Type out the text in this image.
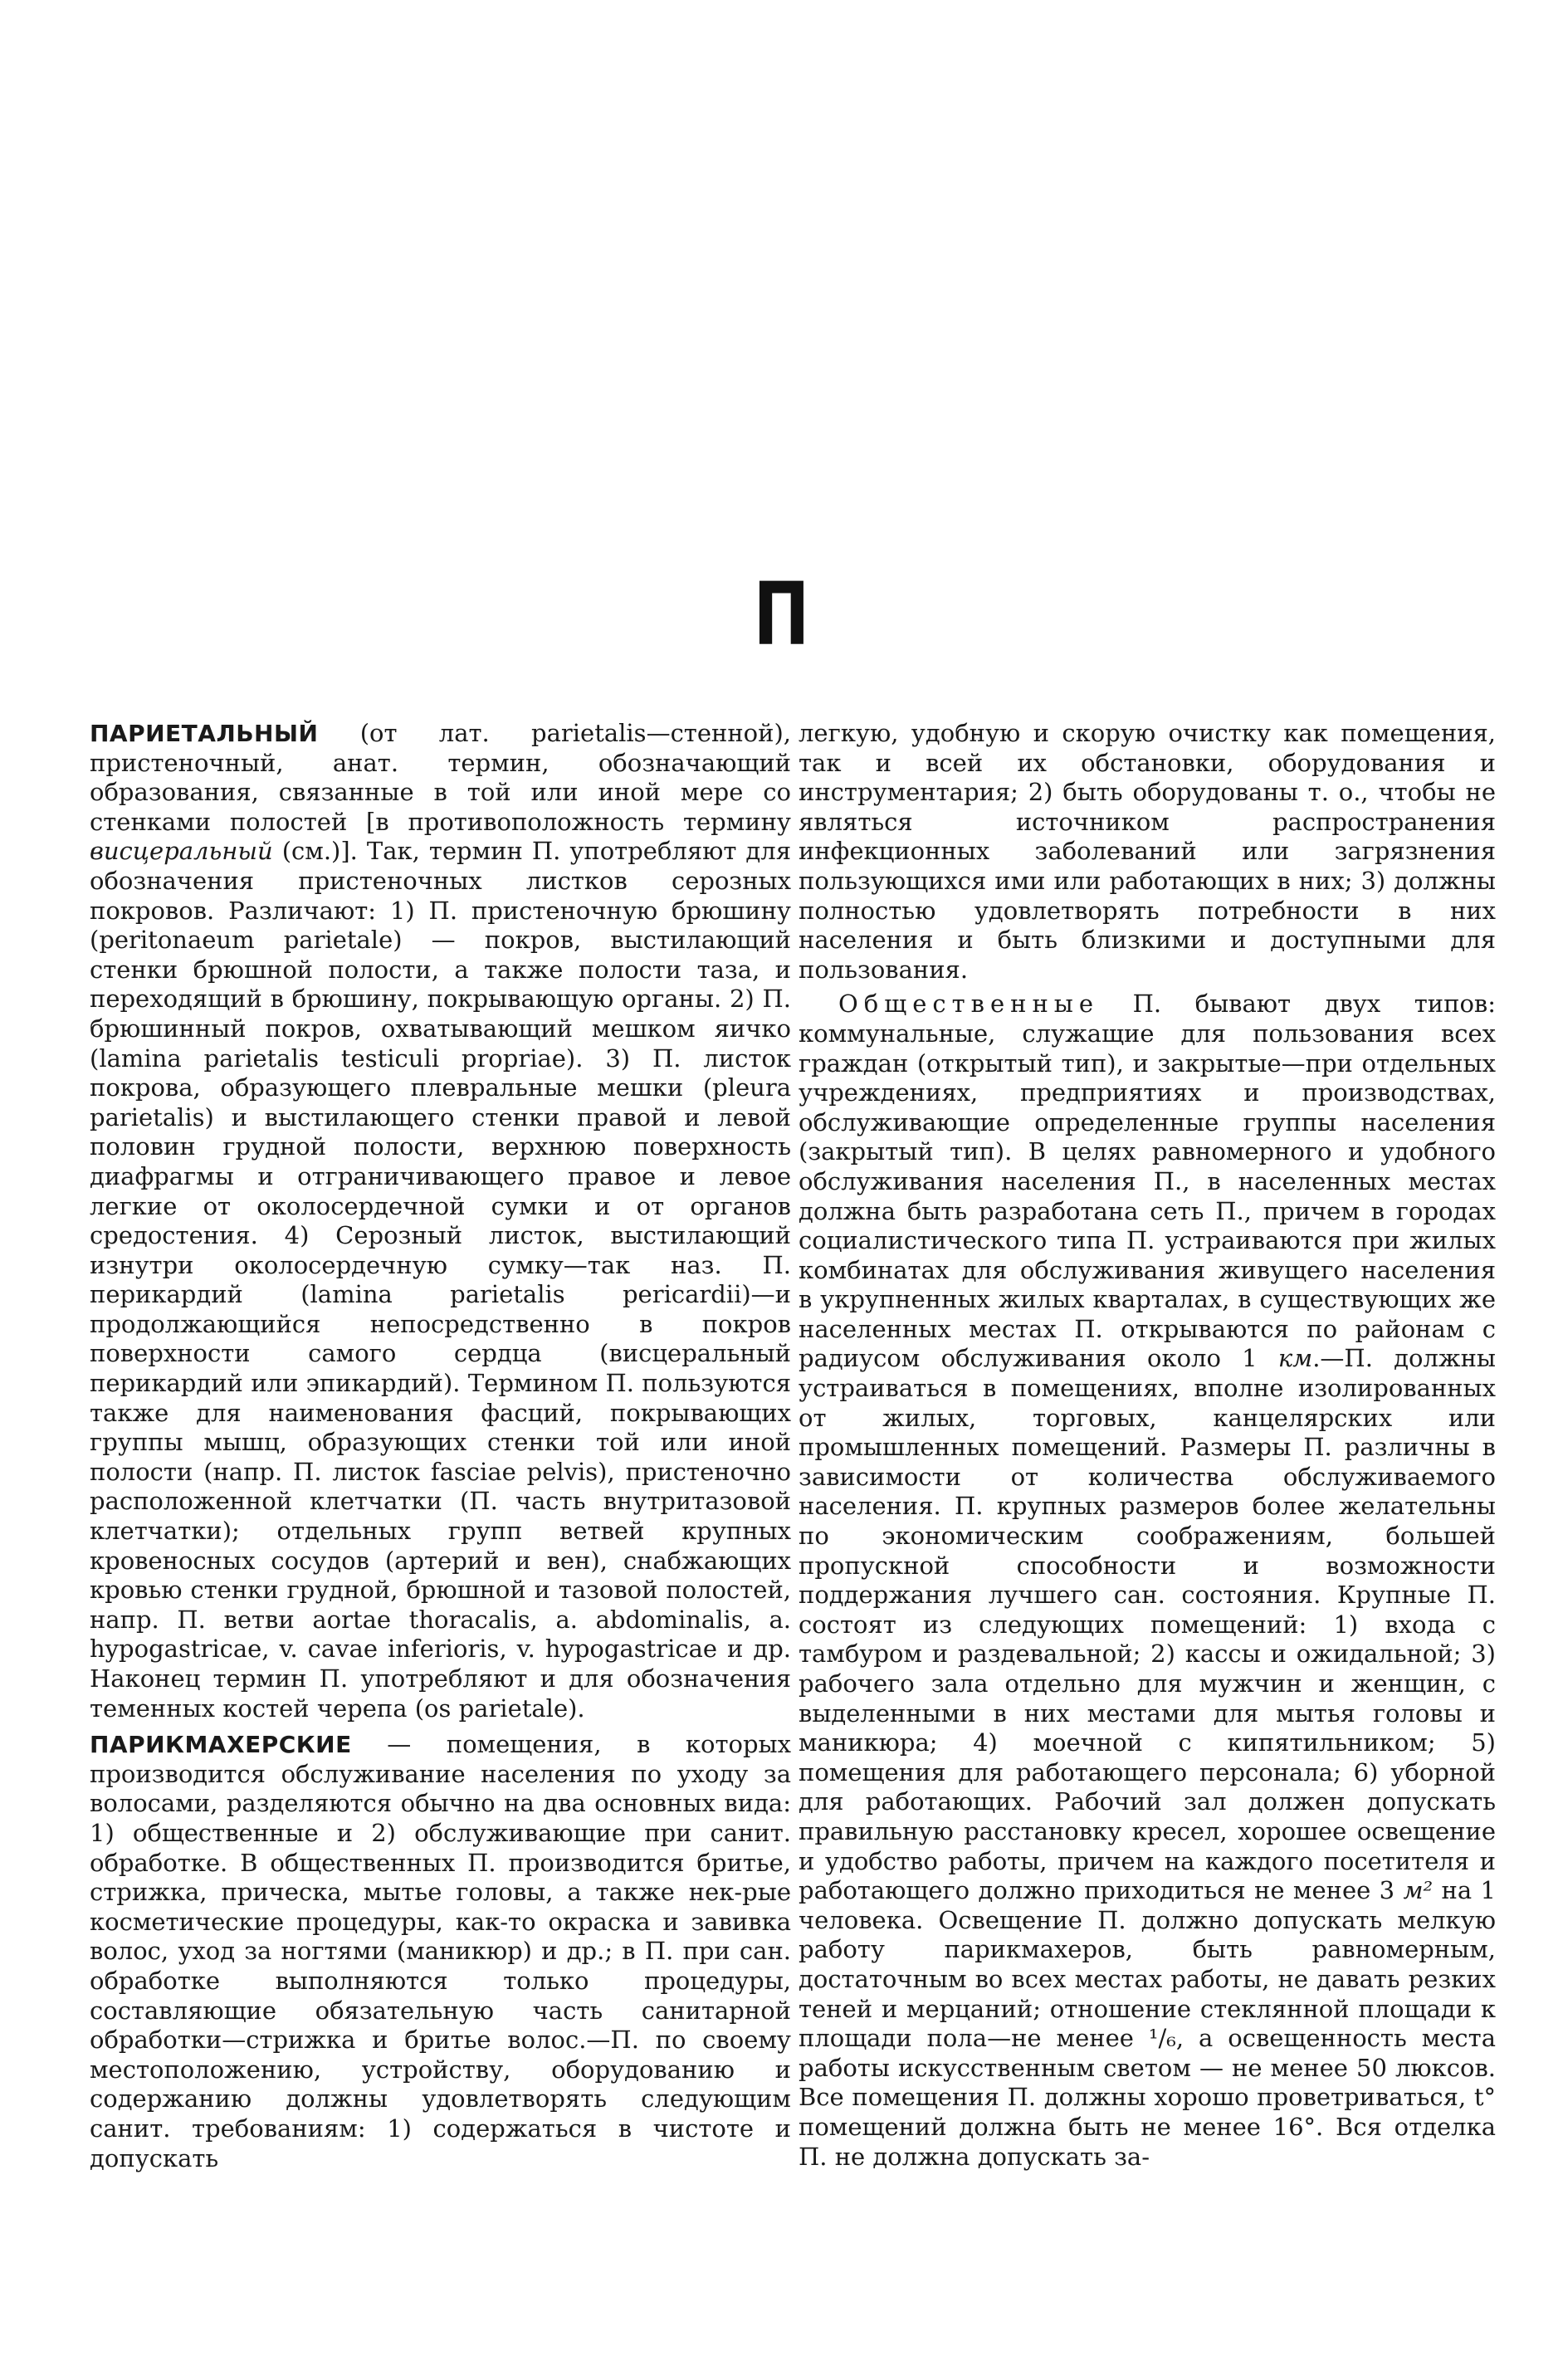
П

ПАРИЕТАЛЬНЫЙ (от лат. parietalis—стенной), пристеночный, анат. термин, обозначающий образования, связанные в той или иной мере со стенками полостей [в противоположность термину висцеральный (см.)]. Так, термин П. употребляют для обозначения пристеночных листков серозных покровов. Различают: 1) П. пристеночную брюшину (peritonaeum parietale) — покров, выстилающий стенки брюшной полости, а также полости таза, и переходящий в брюшину, покрывающую органы. 2) П. брюшинный покров, охватывающий мешком яичко (lamina parietalis testiculi propriae). 3) П. листок покрова, образующего плевральные мешки (pleura parietalis) и выстилающего стенки правой и левой половин грудной полости, верхнюю поверхность диафрагмы и отграничивающего правое и левое легкие от околосердечной сумки и от органов средостения. 4) Серозный листок, выстилающий изнутри околосердечную сумку—так наз. П. перикардий (lamina parietalis pericardii)—и продолжающийся непосредственно в покров поверхности самого сердца (висцеральный перикардий или эпикардий). Термином П. пользуются также для наименования фасций, покрывающих группы мышц, образующих стенки той или иной полости (напр. П. листок fasciae pelvis), пристеночно расположенной клетчатки (П. часть внутритазовой клетчатки); отдельных групп ветвей крупных кровеносных сосудов (артерий и вен), снабжающих кровью стенки грудной, брюшной и тазовой полостей, напр. П. ветви aortae thoracalis, a. abdominalis, a. hypogastricae, v. cavae inferioris, v. hypogastricae и др. Наконец термин П. употребляют и для обозначения теменных костей черепа (os parietale).

ПАРИКМАХЕРСКИЕ — помещения, в которых производится обслуживание населения по уходу за волосами, разделяются обычно на два основных вида: 1) общественные и 2) обслуживающие при санит. обработке. В общественных П. производится бритье, стрижка, прическа, мытье головы, а также нек-рые косметические процедуры, как-то окраска и завивка волос, уход за ногтями (маникюр) и др.; в П. при сан. обработке выполняются только процедуры, составляющие обязательную часть санитарной обработки—стрижка и бритье волос.—П. по своему местоположению, устройству, оборудованию и содержанию должны удовлетворять следующим санит. требованиям: 1) содержаться в чистоте и допускать

легкую, удобную и скорую очистку как помещения, так и всей их обстановки, оборудования и инструментария; 2) быть оборудованы т. о., чтобы не являться источником распространения инфекционных заболеваний или загрязнения пользующихся ими или работающих в них; 3) должны полностью удовлетворять потребности в них населения и быть близкими и доступными для пользования.

Общественные П. бывают двух типов: коммунальные, служащие для пользования всех граждан (открытый тип), и закрытые—при отдельных учреждениях, предприятиях и производствах, обслуживающие определенные группы населения (закрытый тип). В целях равномерного и удобного обслуживания населения П., в населенных местах должна быть разработана сеть П., причем в городах социалистического типа П. устраиваются при жилых комбинатах для обслуживания живущего населения в укрупненных жилых кварталах, в существующих же населенных местах П. открываются по районам с радиусом обслуживания около 1 км.—П. должны устраиваться в помещениях, вполне изолированных от жилых, торговых, канцелярских или промышленных помещений. Размеры П. различны в зависимости от количества обслуживаемого населения. П. крупных размеров более желательны по экономическим соображениям, большей пропускной способности и возможности поддержания лучшего сан. состояния. Крупные П. состоят из следующих помещений: 1) входа с тамбуром и раздевальной; 2) кассы и ожидальной; 3) рабочего зала отдельно для мужчин и женщин, с выделенными в них местами для мытья головы и маникюра; 4) моечной с кипятильником; 5) помещения для работающего персонала; 6) уборной для работающих. Рабочий зал должен допускать правильную расстановку кресел, хорошее освещение и удобство работы, причем на каждого посетителя и работающего должно приходиться не менее 3 м² на 1 человека. Освещение П. должно допускать мелкую работу парикмахеров, быть равномерным, достаточным во всех местах работы, не давать резких теней и мерцаний; отношение стеклянной площади к площади пола—не менее ¹/₆, а освещенность места работы искусственным светом — не менее 50 люксов. Все помещения П. должны хорошо проветриваться, t° помещений должна быть не менее 16°. Вся отделка П. не должна допускать за-
